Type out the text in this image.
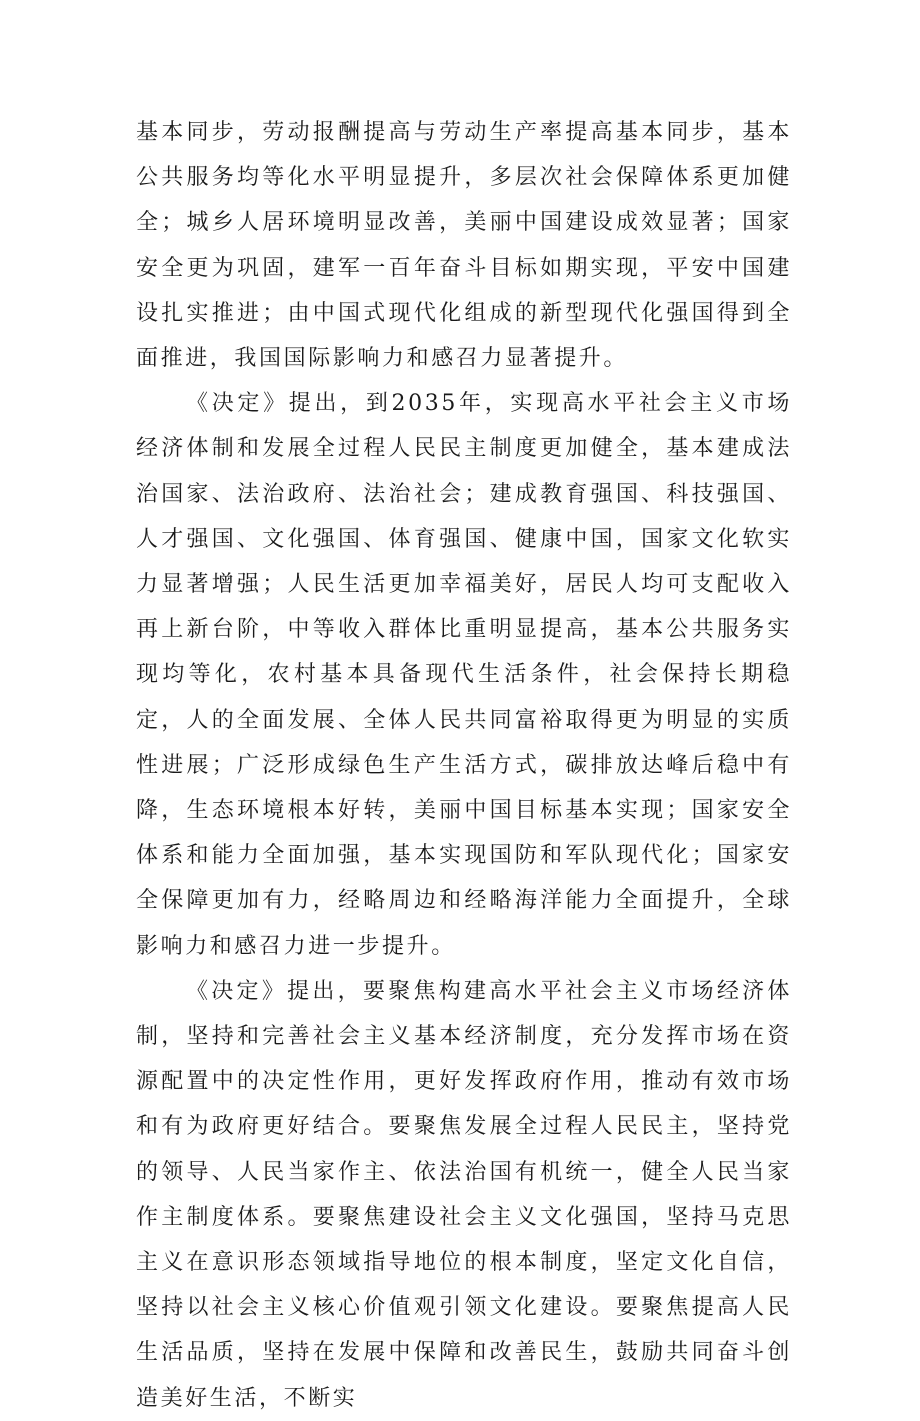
基本同步，劳动报酬提高与劳动生产率提高基本同步，基本公共服务均等化水平明显提升，多层次社会保障体系更加健全；城乡人居环境明显改善，美丽中国建设成效显著；国家安全更为巩固，建军一百年奋斗目标如期实现，平安中国建设扎实推进；由中国式现代化组成的新型现代化强国得到全面推进，我国国际影响力和感召力显著提升。

《决定》提出，到2035年，实现高水平社会主义市场经济体制和发展全过程人民民主制度更加健全，基本建成法治国家、法治政府、法治社会；建成教育强国、科技强国、人才强国、文化强国、体育强国、健康中国，国家文化软实力显著增强；人民生活更加幸福美好，居民人均可支配收入再上新台阶，中等收入群体比重明显提高，基本公共服务实现均等化，农村基本具备现代生活条件，社会保持长期稳定，人的全面发展、全体人民共同富裕取得更为明显的实质性进展；广泛形成绿色生产生活方式，碳排放达峰后稳中有降，生态环境根本好转，美丽中国目标基本实现；国家安全体系和能力全面加强，基本实现国防和军队现代化；国家安全保障更加有力，经略周边和经略海洋能力全面提升，全球影响力和感召力进一步提升。

《决定》提出，要聚焦构建高水平社会主义市场经济体制，坚持和完善社会主义基本经济制度，充分发挥市场在资源配置中的决定性作用，更好发挥政府作用，推动有效市场和有为政府更好结合。要聚焦发展全过程人民民主，坚持党的领导、人民当家作主、依法治国有机统一，健全人民当家作主制度体系。要聚焦建设社会主义文化强国，坚持马克思主义在意识形态领域指导地位的根本制度，坚定文化自信，坚持以社会主义核心价值观引领文化建设。要聚焦提高人民生活品质，坚持在发展中保障和改善民生，鼓励共同奋斗创造美好生活，不断实
